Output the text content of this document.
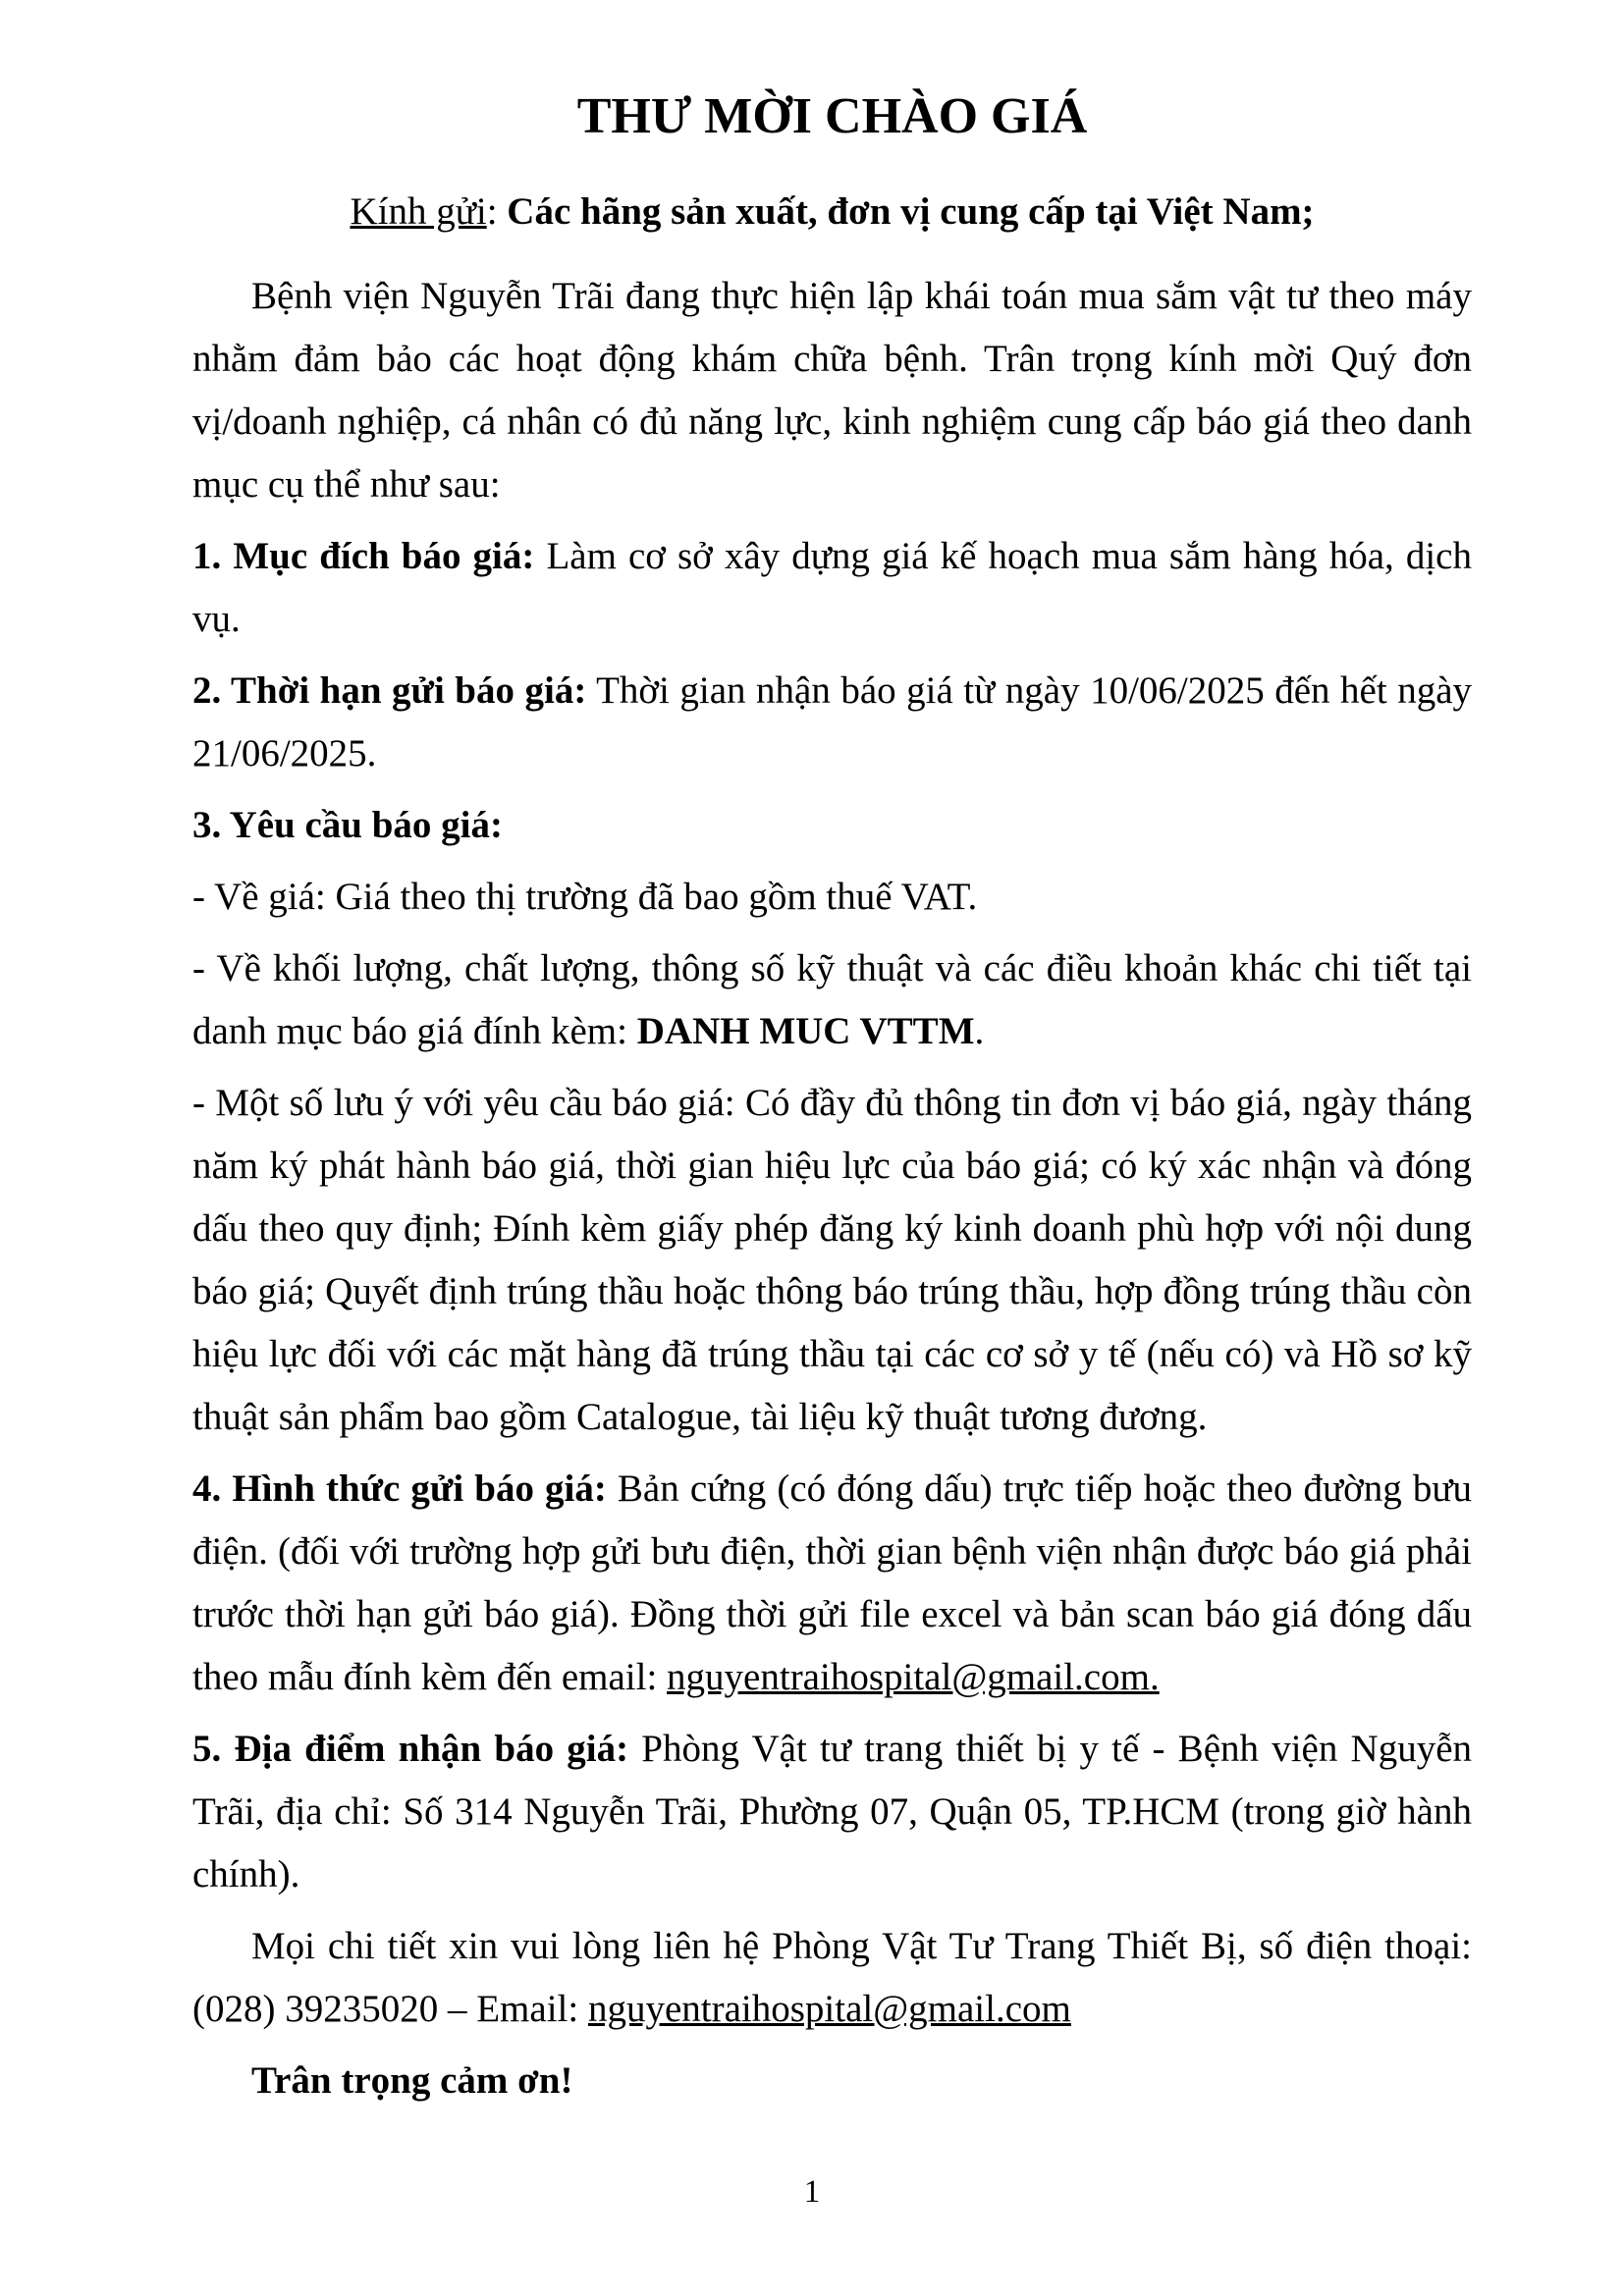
THƯ MỜI CHÀO GIÁ
Kính gửi: Các hãng sản xuất, đơn vị cung cấp tại Việt Nam;

Bệnh viện Nguyễn Trãi đang thực hiện lập khái toán mua sắm vật tư theo máy nhằm đảm bảo các hoạt động khám chữa bệnh. Trân trọng kính mời Quý đơn vị/doanh nghiệp, cá nhân có đủ năng lực, kinh nghiệm cung cấp báo giá theo danh mục cụ thể như sau:

1. Mục đích báo giá: Làm cơ sở xây dựng giá kế hoạch mua sắm hàng hóa, dịch vụ.

2. Thời hạn gửi báo giá: Thời gian nhận báo giá từ ngày 10/06/2025 đến hết ngày 21/06/2025.

3. Yêu cầu báo giá:

- Về giá: Giá theo thị trường đã bao gồm thuế VAT.

- Về khối lượng, chất lượng, thông số kỹ thuật và các điều khoản khác chi tiết tại danh mục báo giá đính kèm: DANH MUC VTTM.

- Một số lưu ý với yêu cầu báo giá: Có đầy đủ thông tin đơn vị báo giá, ngày tháng năm ký phát hành báo giá, thời gian hiệu lực của báo giá; có ký xác nhận và đóng dấu theo quy định; Đính kèm giấy phép đăng ký kinh doanh phù hợp với nội dung báo giá; Quyết định trúng thầu hoặc thông báo trúng thầu, hợp đồng trúng thầu còn hiệu lực đối với các mặt hàng đã trúng thầu tại các cơ sở y tế (nếu có) và Hồ sơ kỹ thuật sản phẩm bao gồm Catalogue, tài liệu kỹ thuật tương đương.

4. Hình thức gửi báo giá: Bản cứng (có đóng dấu) trực tiếp hoặc theo đường bưu điện. (đối với trường hợp gửi bưu điện, thời gian bệnh viện nhận được báo giá phải trước thời hạn gửi báo giá). Đồng thời gửi file excel và bản scan báo giá đóng dấu theo mẫu đính kèm đến email: nguyentraihospital@gmail.com.

5. Địa điểm nhận báo giá: Phòng Vật tư trang thiết bị y tế - Bệnh viện Nguyễn Trãi, địa chỉ: Số 314 Nguyễn Trãi, Phường 07, Quận 05, TP.HCM (trong giờ hành chính).

Mọi chi tiết xin vui lòng liên hệ Phòng Vật Tư Trang Thiết Bị, số điện thoại: (028) 39235020 – Email: nguyentraihospital@gmail.com

Trân trọng cảm ơn!

1
